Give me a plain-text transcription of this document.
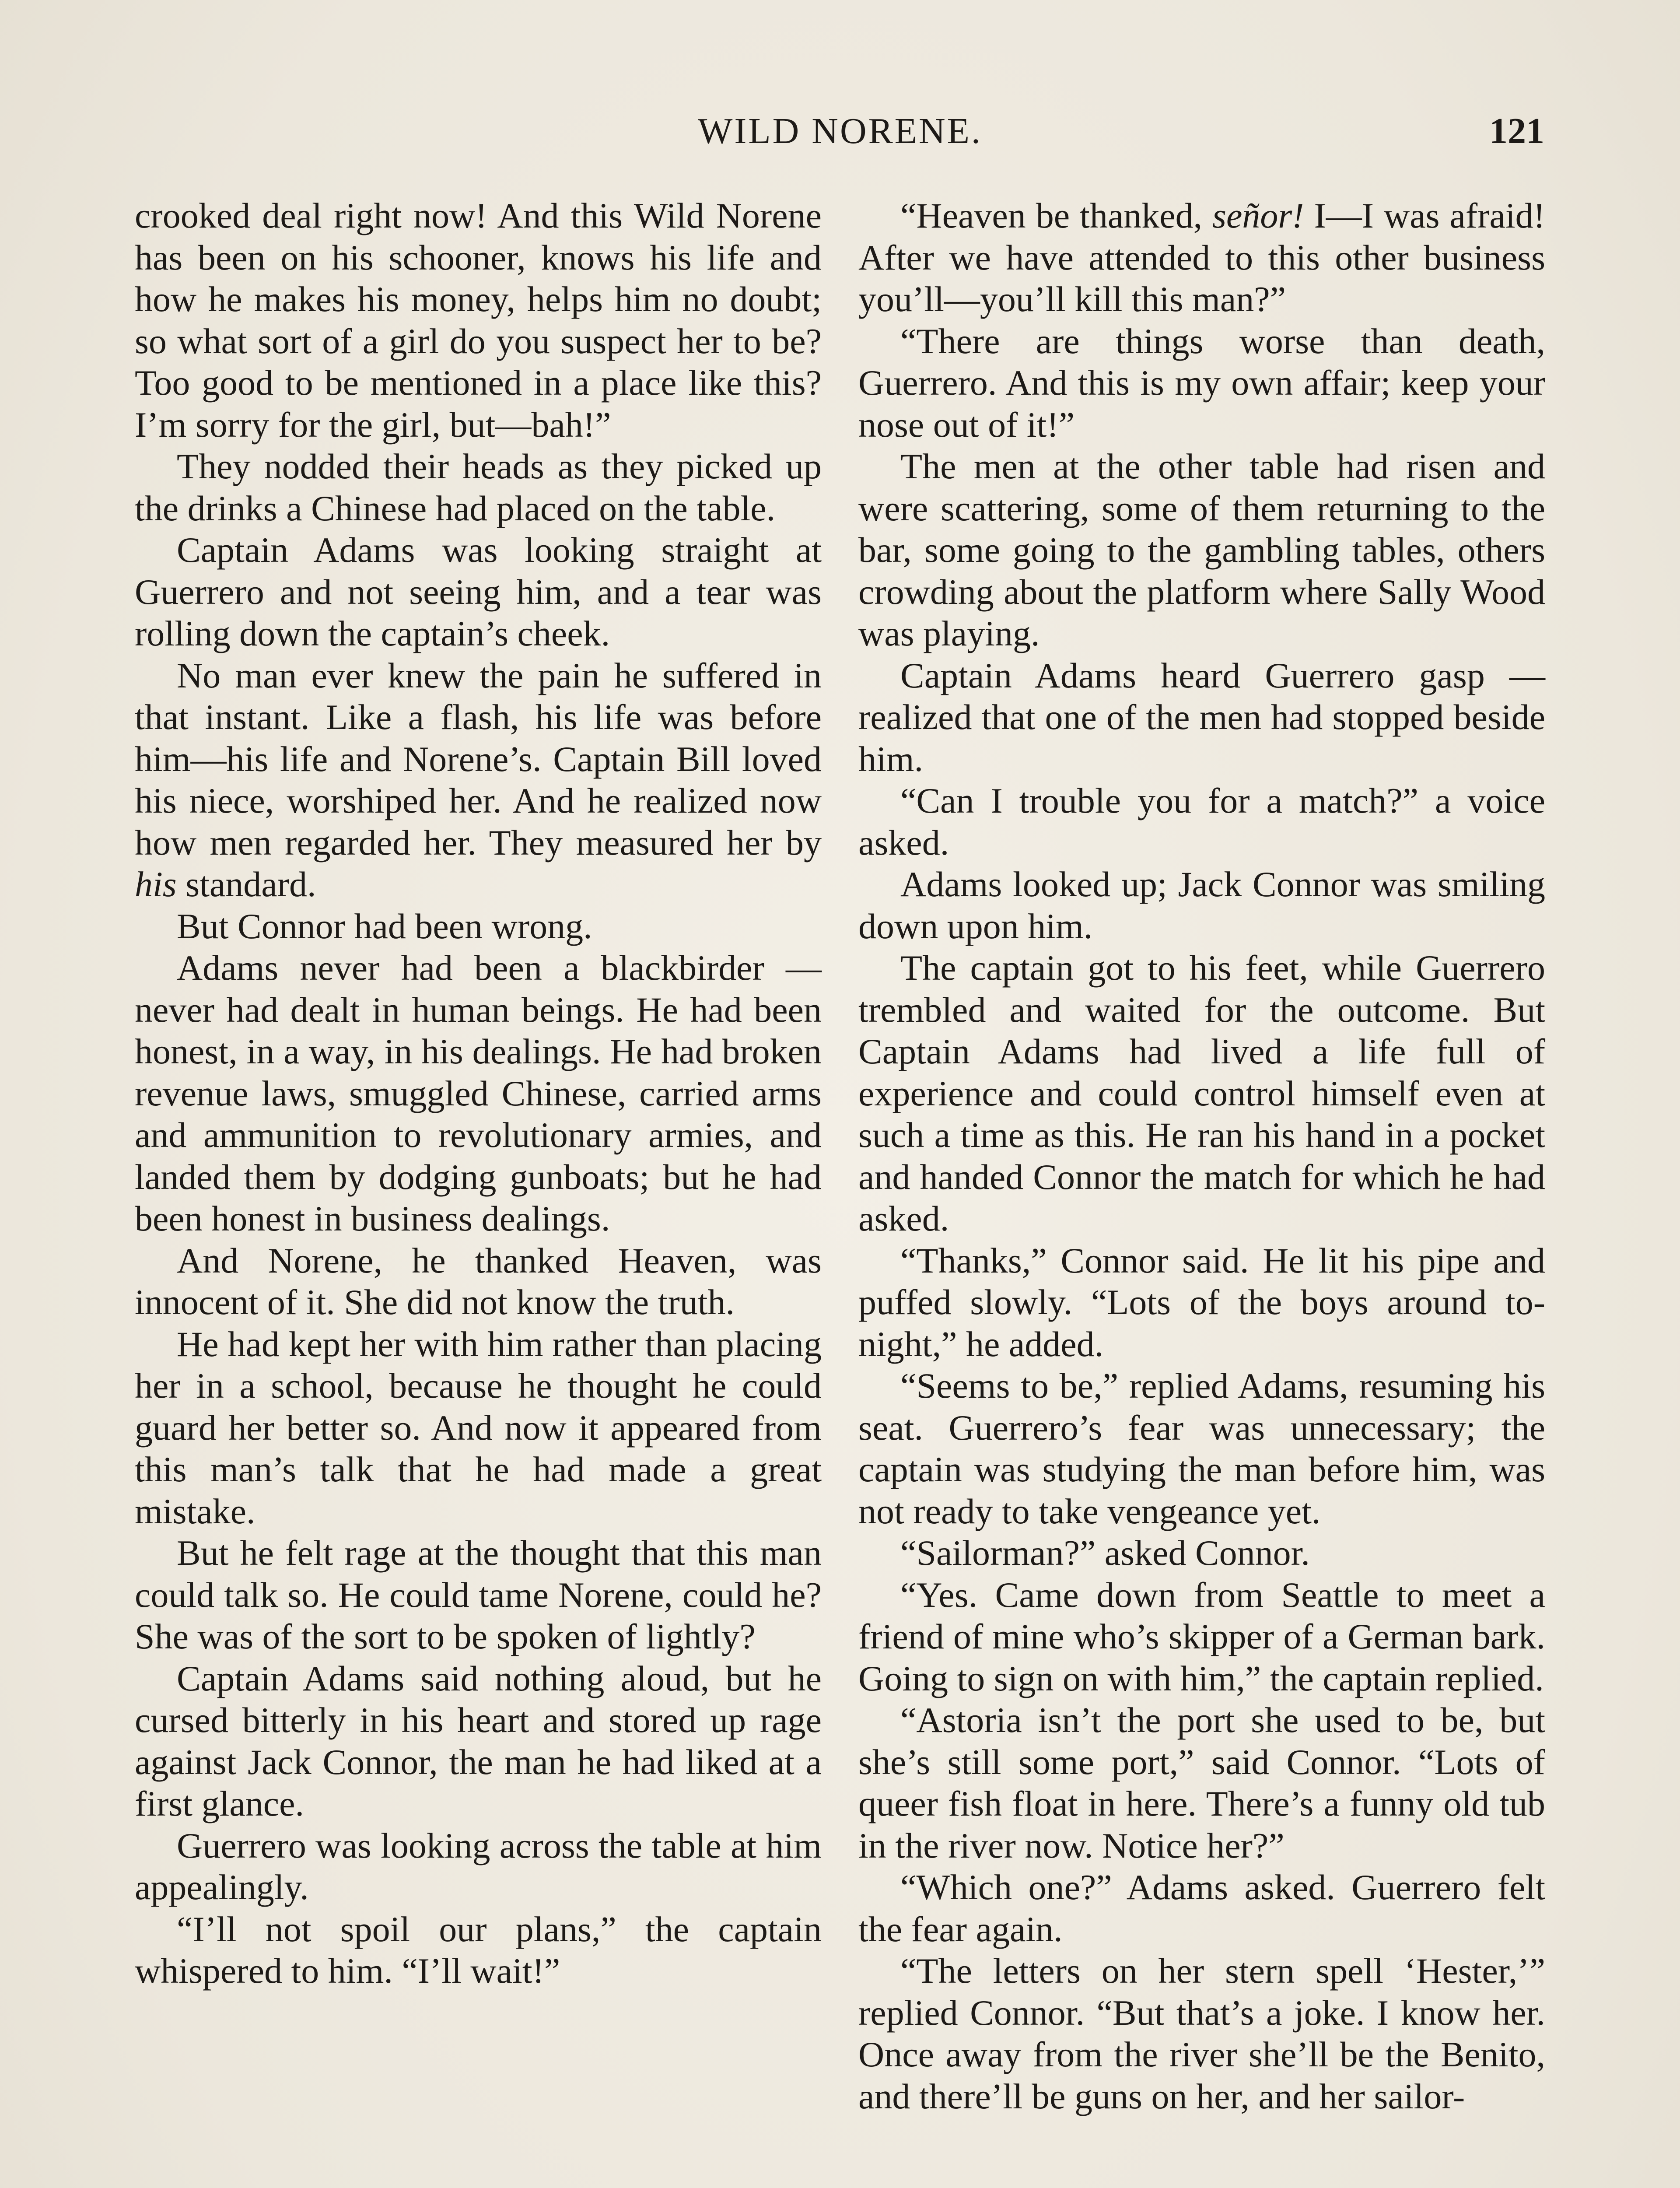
WILD NORENE.	121

crooked deal right now! And this Wild Norene has been on his schooner, knows his life and how he makes his money, helps him no doubt; so what sort of a girl do you suspect her to be? Too good to be mentioned in a place like this? I’m sorry for the girl, but—bah!”

They nodded their heads as they picked up the drinks a Chinese had placed on the table.

Captain Adams was looking straight at Guerrero and not seeing him, and a tear was rolling down the captain’s cheek.

No man ever knew the pain he suffered in that instant. Like a flash, his life was before him—his life and Norene’s. Captain Bill loved his niece, worshiped her. And he realized now how men regarded her. They measured her by his standard.

But Connor had been wrong.

Adams never had been a blackbirder —never had dealt in human beings. He had been honest, in a way, in his dealings. He had broken revenue laws, smuggled Chinese, carried arms and ammunition to revolutionary armies, and landed them by dodging gunboats; but he had been honest in business dealings.

And Norene, he thanked Heaven, was innocent of it. She did not know the truth.

He had kept her with him rather than placing her in a school, because he thought he could guard her better so. And now it appeared from this man’s talk that he had made a great mistake.

But he felt rage at the thought that this man could talk so. He could tame Norene, could he? She was of the sort to be spoken of lightly?

Captain Adams said nothing aloud, but he cursed bitterly in his heart and stored up rage against Jack Connor, the man he had liked at a first glance.

Guerrero was looking across the table at him appealingly.

“I’ll not spoil our plans,” the captain whispered to him. “I’ll wait!”

“Heaven be thanked, señor! I—I was afraid! After we have attended to this other business you’ll—you’ll kill this man?”

“There are things worse than death, Guerrero. And this is my own affair; keep your nose out of it!”

The men at the other table had risen and were scattering, some of them returning to the bar, some going to the gambling tables, others crowding about the platform where Sally Wood was playing.

Captain Adams heard Guerrero gasp —realized that one of the men had stopped beside him.

“Can I trouble you for a match?” a voice asked.

Adams looked up; Jack Connor was smiling down upon him.

The captain got to his feet, while Guerrero trembled and waited for the outcome. But Captain Adams had lived a life full of experience and could control himself even at such a time as this. He ran his hand in a pocket and handed Connor the match for which he had asked.

“Thanks,” Connor said. He lit his pipe and puffed slowly. “Lots of the boys around to-night,” he added.

“Seems to be,” replied Adams, resuming his seat. Guerrero’s fear was unnecessary; the captain was studying the man before him, was not ready to take vengeance yet.

“Sailorman?” asked Connor.

“Yes. Came down from Seattle to meet a friend of mine who’s skipper of a German bark. Going to sign on with him,” the captain replied.

“Astoria isn’t the port she used to be, but she’s still some port,” said Connor. “Lots of queer fish float in here. There’s a funny old tub in the river now. Notice her?”

“Which one?” Adams asked. Guerrero felt the fear again.

“The letters on her stern spell ‘Hester,’” replied Connor. “But that’s a joke. I know her. Once away from the river she’ll be the Benito, and there’ll be guns on her, and her sailor-
